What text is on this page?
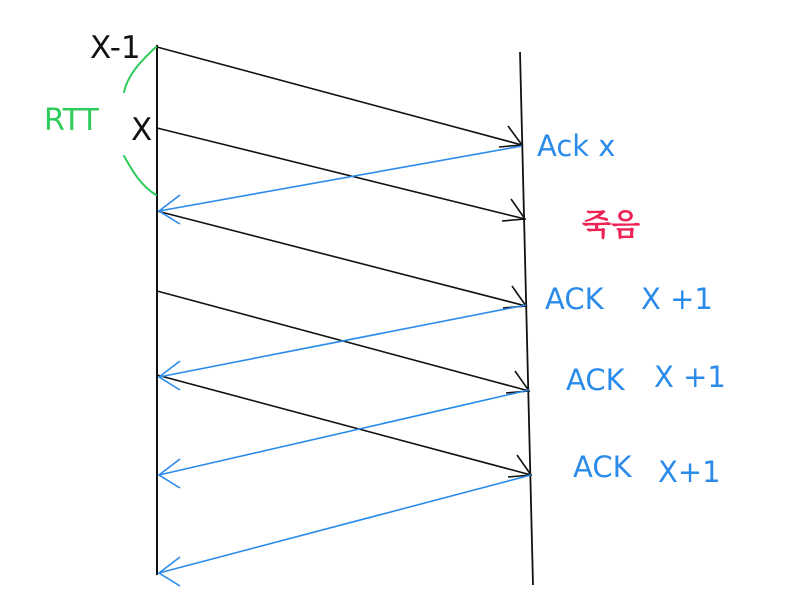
X-1
RTT X	Ack x
죽음
ACK X +1
ACK X +1
ACK X+1
